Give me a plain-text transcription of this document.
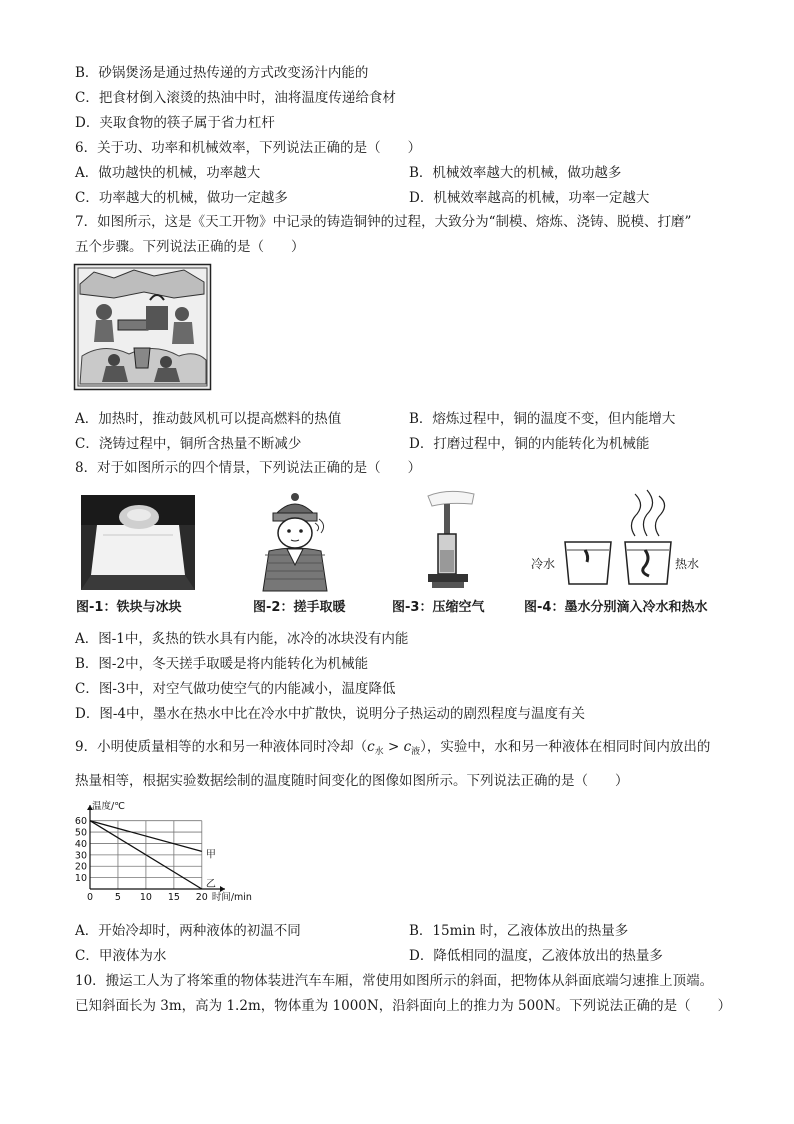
B．砂锅煲汤是通过热传递的方式改变汤汁内能的
C．把食材倒入滚烫的热油中时，油将温度传递给食材
D．夹取食物的筷子属于省力杠杆
6．关于功、功率和机械效率，下列说法正确的是（　　）
A．做功越快的机械，功率越大	B．机械效率越大的机械，做功越多
C．功率越大的机械，做功一定越多	D．机械效率越高的机械，功率一定越大
7．如图所示，这是《天工开物》中记录的铸造铜钟的过程，大致分为“制模、熔炼、浇铸、脱模、打磨”
五个步骤。下列说法正确的是（　　）
A．加热时，推动鼓风机可以提高燃料的热值	B．熔炼过程中，铜的温度不变，但内能增大
C．浇铸过程中，铜所含热量不断减少	D．打磨过程中，铜的内能转化为机械能
8．对于如图所示的四个情景，下列说法正确的是（　　）
图-1：铁块与冰块	图-2：搓手取暖	图-3：压缩空气
冷水	热水
图-4：墨水分别滴入冷水和热水
A．图-1中，炙热的铁水具有内能，冰冷的冰块没有内能
B．图-2中，冬天搓手取暖是将内能转化为机械能
C．图-3中，对空气做功使空气的内能减小，温度降低
D．图-4中，墨水在热水中比在冷水中扩散快，说明分子热运动的剧烈程度与温度有关
9．小明使质量相等的水和另一种液体同时冷却$(c_水 > c_液)$，实验中，水和另一种液体在相同时间内放出的
热量相等，根据实验数据绘制的温度随时间变化的图像如图所示。下列说法正确的是（　　）
10
20
30
40
50
60
0 5 10 15 20
温度/℃
时间/min
甲
乙
A．开始冷却时，两种液体的初温不同	B．15min 时，乙液体放出的热量多
C．甲液体为水	D．降低相同的温度，乙液体放出的热量多
10．搬运工人为了将笨重的物体装进汽车车厢，常使用如图所示的斜面，把物体从斜面底端匀速推上顶端。
已知斜面长为 3m，高为 1.2m，物体重为 1000N，沿斜面向上的推力为 500N。下列说法正确的是（　　）
